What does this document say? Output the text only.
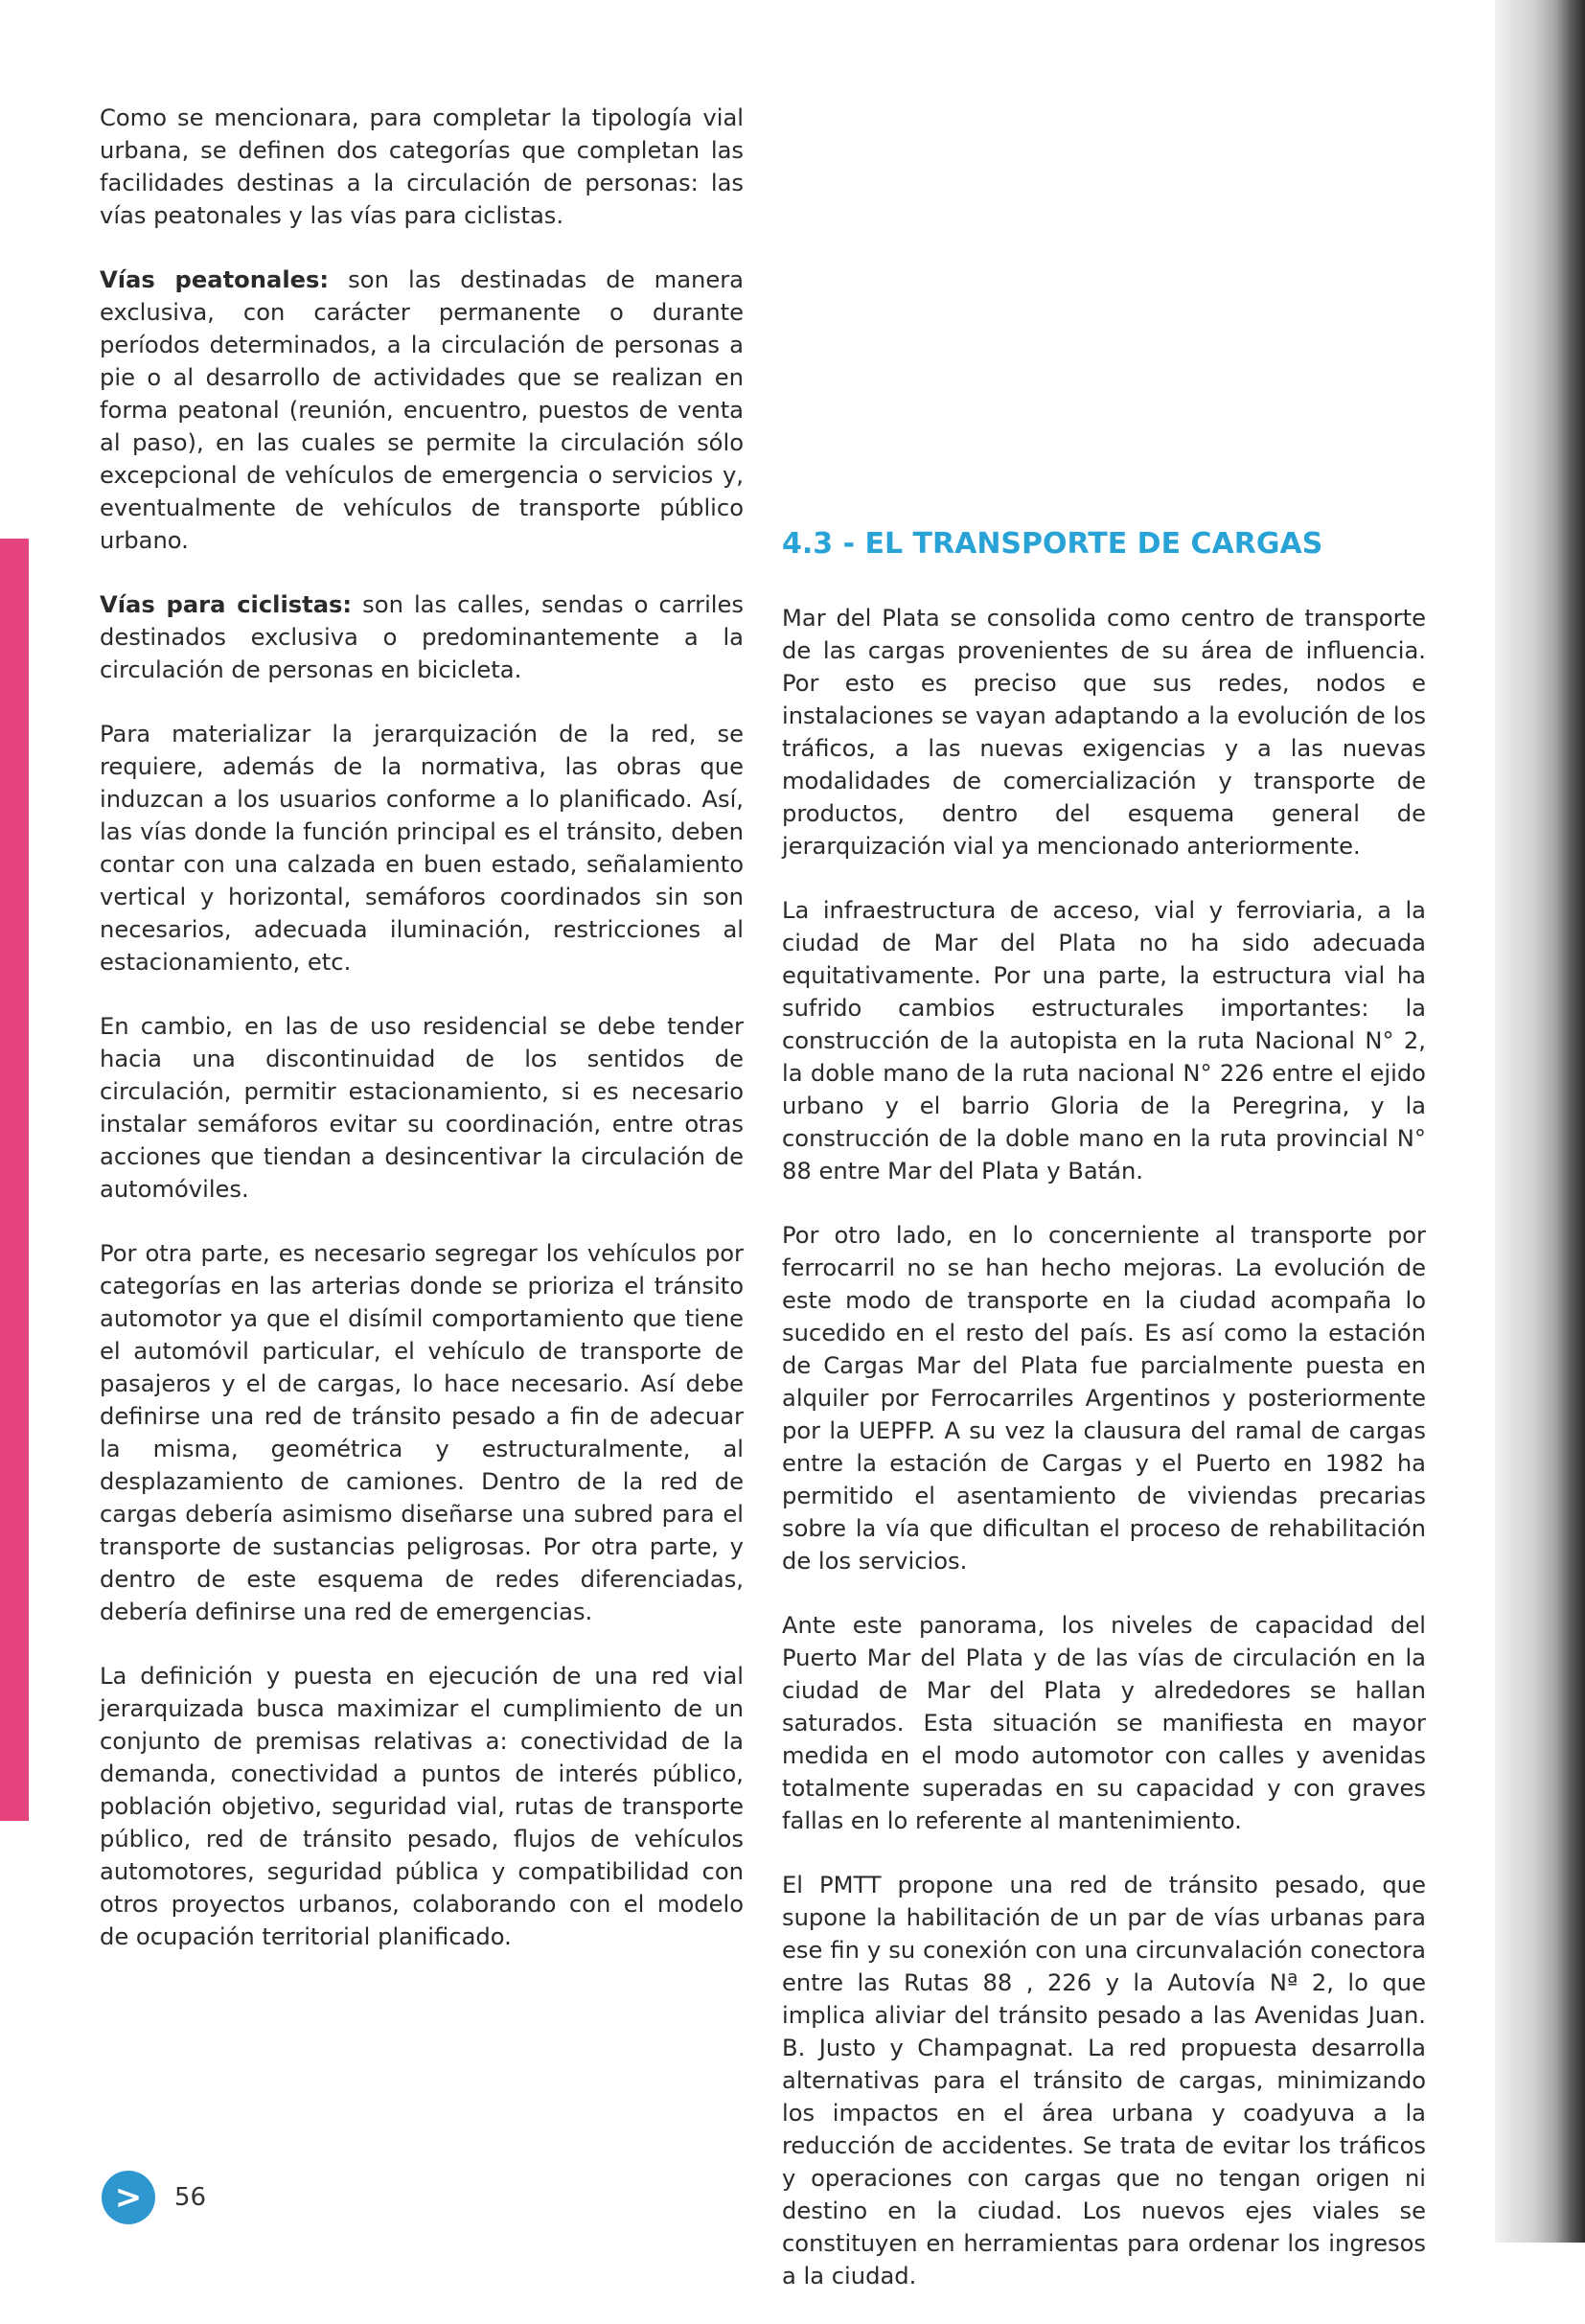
Como se mencionara, para completar la tipología vial urbana, se definen dos categorías que completan las facilidades destinas a la circulación de personas: las vías peatonales y las vías para ciclistas.

Vías peatonales: son las destinadas de manera exclusiva, con carácter permanente o durante períodos determinados, a la circulación de personas a pie o al desarrollo de actividades que se realizan en forma peatonal (reunión, encuentro, puestos de venta al paso), en las cuales se permite la circulación sólo excepcional de vehículos de emergencia o servicios y, eventualmente de vehículos de transporte público urbano.

Vías para ciclistas: son las calles, sendas o carriles destinados exclusiva o predominantemente a la circulación de personas en bicicleta.

Para materializar la jerarquización de la red, se requiere, además de la normativa, las obras que induzcan a los usuarios conforme a lo planificado. Así, las vías donde la función principal es el tránsito, deben contar con una calzada en buen estado, señalamiento vertical y horizontal, semáforos coordinados sin son necesarios, adecuada iluminación, restricciones al estacionamiento, etc.

En cambio, en las de uso residencial se debe tender hacia una discontinuidad de los sentidos de circulación, permitir estacionamiento, si es necesario instalar semáforos evitar su coordinación, entre otras acciones que tiendan a desincentivar la circulación de automóviles.

Por otra parte, es necesario segregar los vehículos por categorías en las arterias donde se prioriza el tránsito automotor ya que el disímil comportamiento que tiene el automóvil particular, el vehículo de transporte de pasajeros y el de cargas, lo hace necesario. Así debe definirse una red de tránsito pesado a fin de adecuar la misma, geométrica y estructuralmente, al desplazamiento de camiones. Dentro de la red de cargas debería asimismo diseñarse una subred para el transporte de sustancias peligrosas. Por otra parte, y dentro de este esquema de redes diferenciadas, debería definirse una red de emergencias.

La definición y puesta en ejecución de una red vial jerarquizada busca maximizar el cumplimiento de un conjunto de premisas relativas a: conectividad de la demanda, conectividad a puntos de interés público, población objetivo, seguridad vial, rutas de transporte público, red de tránsito pesado, flujos de vehículos automotores, seguridad pública y compatibilidad con otros proyectos urbanos, colaborando con el modelo de ocupación territorial planificado.

4.3 - EL TRANSPORTE DE CARGAS

Mar del Plata se consolida como centro de transporte de las cargas provenientes de su área de influencia. Por esto es preciso que sus redes, nodos e instalaciones se vayan adaptando a la evolución de los tráficos, a las nuevas exigencias y a las nuevas modalidades de comercialización y transporte de productos, dentro del esquema general de jerarquización vial ya mencionado anteriormente.

La infraestructura de acceso, vial y ferroviaria, a la ciudad de Mar del Plata no ha sido adecuada equitativamente. Por una parte, la estructura vial ha sufrido cambios estructurales importantes: la construcción de la autopista en la ruta Nacional N° 2, la doble mano de la ruta nacional N° 226 entre el ejido urbano y el barrio Gloria de la Peregrina, y la construcción de la doble mano en la ruta provincial N° 88 entre Mar del Plata y Batán.

Por otro lado, en lo concerniente al transporte por ferrocarril no se han hecho mejoras. La evolución de este modo de transporte en la ciudad acompaña lo sucedido en el resto del país. Es así como la estación de Cargas Mar del Plata fue parcialmente puesta en alquiler por Ferrocarriles Argentinos y posteriormente por la UEPFP. A su vez la clausura del ramal de cargas entre la estación de Cargas y el Puerto en 1982 ha permitido el asentamiento de viviendas precarias sobre la vía que dificultan el proceso de rehabilitación de los servicios.

Ante este panorama, los niveles de capacidad del Puerto Mar del Plata y de las vías de circulación en la ciudad de Mar del Plata y alrededores se hallan saturados. Esta situación se manifiesta en mayor medida en el modo automotor con calles y avenidas totalmente superadas en su capacidad y con graves fallas en lo referente al mantenimiento.

El PMTT propone una red de tránsito pesado, que supone la habilitación de un par de vías urbanas para ese fin y su conexión con una circunvalación conectora entre las Rutas 88 , 226 y la Autovía Nª 2, lo que implica aliviar del tránsito pesado a las Avenidas Juan. B. Justo y Champagnat. La red propuesta desarrolla alternativas para el tránsito de cargas, minimizando los impactos en el área urbana y coadyuva a la reducción de accidentes. Se trata de evitar los tráficos y operaciones con cargas que no tengan origen ni destino en la ciudad. Los nuevos ejes viales se constituyen en herramientas para ordenar los ingresos a la ciudad.

> 56
